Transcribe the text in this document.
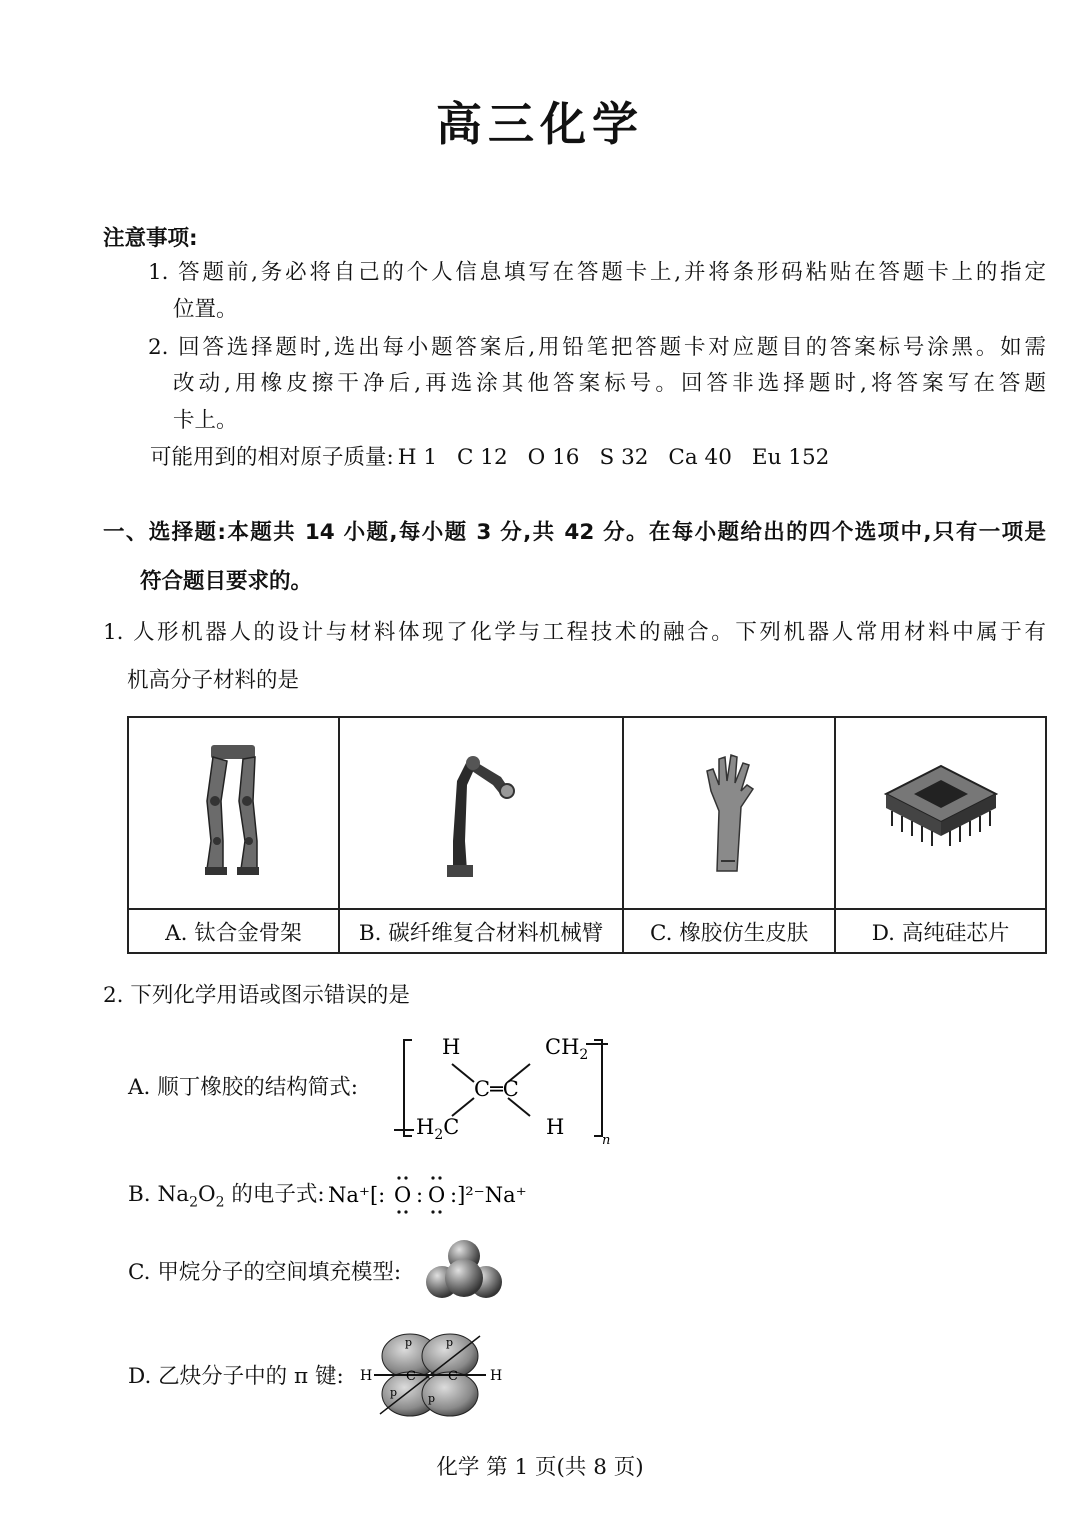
高三化学
注意事项:
1. 答题前,务必将自己的个人信息填写在答题卡上,并将条形码粘贴在答题卡上的指定
位置。
2. 回答选择题时,选出每小题答案后,用铅笔把答题卡对应题目的答案标号涂黑。如需
改动,用橡皮擦干净后,再选涂其他答案标号。回答非选择题时,将答案写在答题
卡上。
可能用到的相对原子质量: H 1 C 12 O 16 S 32 Ca 40 Eu 152
一、选择题:本题共 14 小题,每小题 3 分,共 42 分。在每小题给出的四个选项中,只有一项是
符合题目要求的。
1. 人形机器人的设计与材料体现了化学与工程技术的融合。下列机器人常用材料中属于有
机高分子材料的是

A. 钛合金骨架	B. 碳纤维复合材料机械臂	C. 橡胶仿生皮肤	D. 高纯硅芯片
2. 下列化学用语或图示错误的是
A. 顺丁橡胶的结构简式:
H	$CH_2$
C═C
$H_2C$	H
n
B. $Na_2O_2$ 的电子式: Na⁺[: O : O :]²⁻Na⁺
C. 甲烷分子的空间填充模型:
D. 乙炔分子中的 π 键: H	H
C C
p	p
p	p
化学 第 1 页(共 8 页)
